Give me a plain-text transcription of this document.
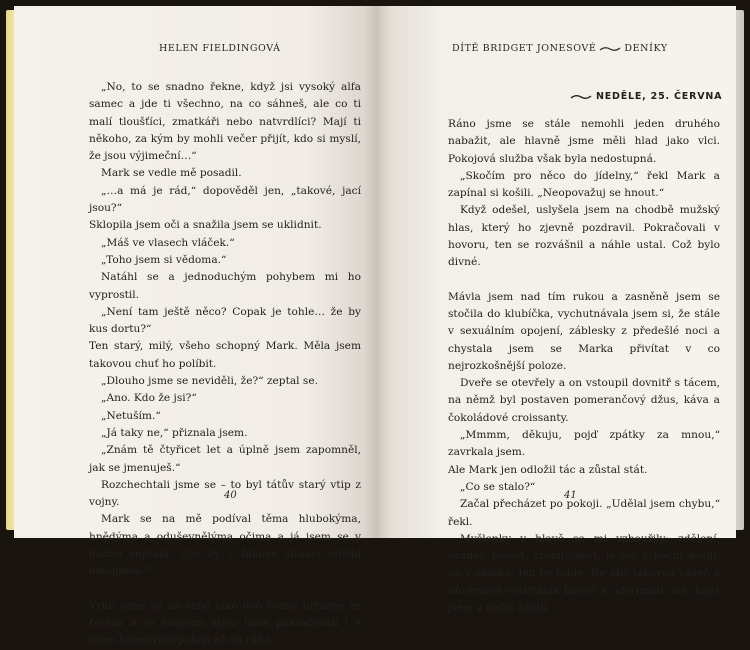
HELEN FIELDINGOVÁ

„No, to se snadno řekne, když jsi vysoký alfa samec a jde ti všechno, na co sáhneš, ale co ti malí tloušťíci, zmatkáři nebo natvrdlíci? Mají ti někoho, za kým by mohli večer přijít, kdo si myslí, že jsou výjimeční…“

Mark se vedle mě posadil.

„…a má je rád,“ dopověděl jen, „takové, jací jsou?“

Sklopila jsem oči a snažila jsem se uklidnit.

„Máš ve vlasech vláček.“

„Toho jsem si vědoma.“

Natáhl se a jednoduchým pohybem mi ho vyprostil.

„Není tam ještě něco? Copak je tohle… že by kus dortu?“

Ten starý, milý, všeho schopný Mark. Měla jsem takovou chuť ho políbit.

„Dlouho jsme se neviděli, že?“ zeptal se.

„Ano. Kdo že jsi?“

„Netuším.“

„Já taky ne,“ přiznala jsem.

„Znám tě čtyřicet let a úplně jsem zapomněl, jak se jmenuješ.“

Rozchechtali jsme se – to byl tátův starý vtip z vojny.

Mark se na mě podíval těma hlubokýma, hnědýma a oduševnělýma očima a já jsem se v duchu zeptala: „Co by v takové situaci udělal dalajlama?“

Vrhli jsme se na sebe jako dvě šelmy utržené ze řetězu a ve stejném stylu jsme pokračovali i v mém hotelovém pokoji až do rána.

40
DÍTĚ BRIDGET JONESOVÉ	DENÍKY
NEDĚLE, 25. ČERVNA

Ráno jsme se stále nemohli jeden druhého nabažit, ale hlavně jsme měli hlad jako vlci. Pokojová služba však byla nedostupná.

„Skočím pro něco do jídelny,“ řekl Mark a zapínal si košili. „Neopovažuj se hnout.“

Když odešel, uslyšela jsem na chodbě mužský hlas, který ho zjevně pozdravil. Pokračovali v hovoru, ten se rozvášnil a náhle ustal. Což bylo divné.

Mávla jsem nad tím rukou a zasněně jsem se stočila do klubíčka, vychutnávala jsem si, že stále v sexuálním opojení, záblesky z předešlé noci a chystala jsem se Marka přivítat v co nejrozkošnější poloze.

Dveře se otevřely a on vstoupil dovnitř s tácem, na němž byl postaven pomerančový džus, káva a čokoládové croissanty.

„Mmmm, děkuju, pojď zpátky za mnou,“ zavrkala jsem.

Ale Mark jen odložil tác a zůstal stát.

„Co se stalo?“

Začal přecházet po pokoji. „Udělal jsem chybu,“ řekl.

Myšlenky v hlavě se mi vzbouřily: zdělení, nezdar, bolest, zranitelnost, já jen v noční košili, on v obleku. Jen ne tohle. Ne aby takovou vášeň a důvěrnost vystřídala bolest a odvrhnutí. Ne, když jsem v noční košili.

41
